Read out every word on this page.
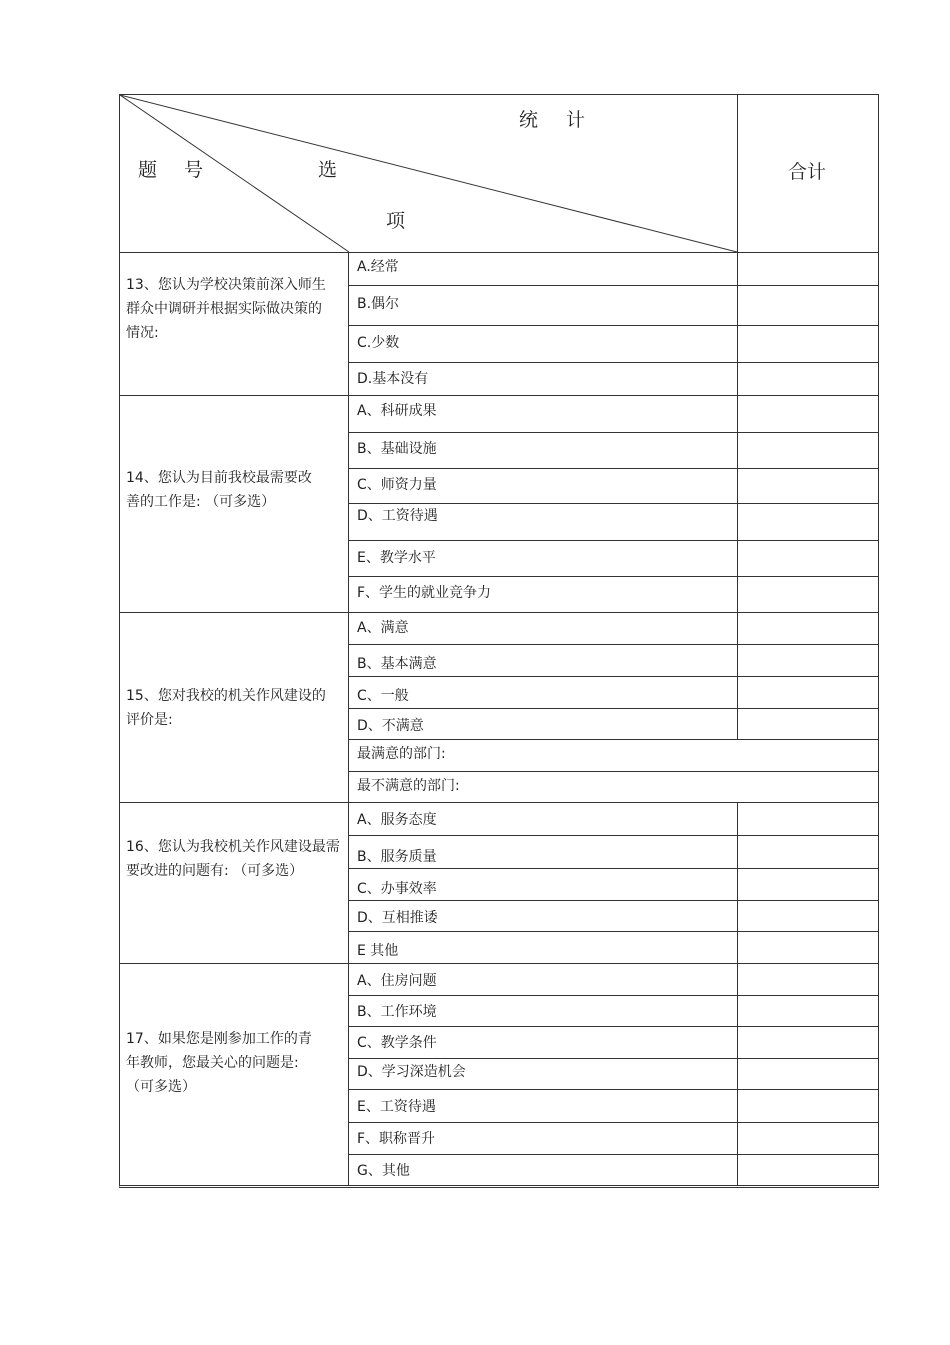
统 计
题 号	选
项
合计
13、您认为学校决策前深入师生群众中调研并根据实际做决策的情况:
14、您认为目前我校最需要改善的工作是: （可多选）
15、您对我校的机关作风建设的评价是:
16、您认为我校机关作风建设最需要改进的问题有: （可多选）
17、如果您是刚参加工作的青年教师，您最关心的问题是: （可多选）
A.经常
B.偶尔
C.少数
D.基本没有
A、科研成果
B、基础设施
C、师资力量
D、工资待遇
E、教学水平
F、学生的就业竞争力
A、满意
B、基本满意
C、一般
D、不满意
最满意的部门:
最不满意的部门:
A、服务态度
B、服务质量
C、办事效率
D、互相推诿
E 其他
A、住房问题
B、工作环境
C、教学条件
D、学习深造机会
E、工资待遇
F、职称晋升
G、其他
